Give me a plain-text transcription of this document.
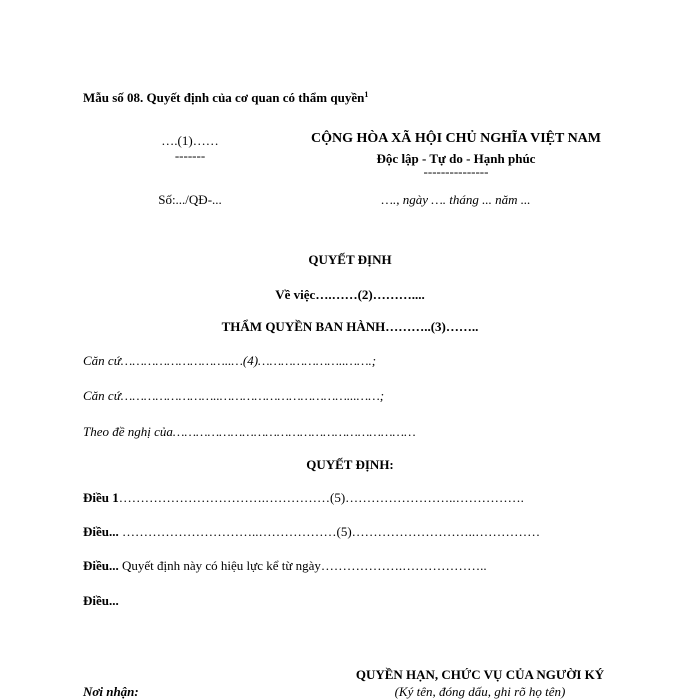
Mẫu số 08. Quyết định của cơ quan có thẩm quyền$^1$
….(1)……
-------
Số:.../QĐ-...
CỘNG HÒA XÃ HỘI CHỦ NGHĨA VIỆT NAM
Độc lập - Tự do - Hạnh phúc
---------------
…., ngày …. tháng ... năm ...
QUYẾT ĐỊNH
Về việc….……(2)………....
THẨM QUYỀN BAN HÀNH………..(3)……..
Căn cứ………………………..…(4)…………………..…….;
Căn cứ……………………..……………………………...……;
Theo đề nghị của………………………………………………………
QUYẾT ĐỊNH:
Điều 1…………………………….……………(5)……………………..…………….
Điều... …………………………..………………(5)………………………..……………
Điều... Quyết định này có hiệu lực kể từ ngày……………….………………..
Điều...
QUYỀN HẠN, CHỨC VỤ CỦA NGƯỜI KÝ
(Ký tên, đóng dấu, ghi rõ họ tên)
Nơi nhận:
